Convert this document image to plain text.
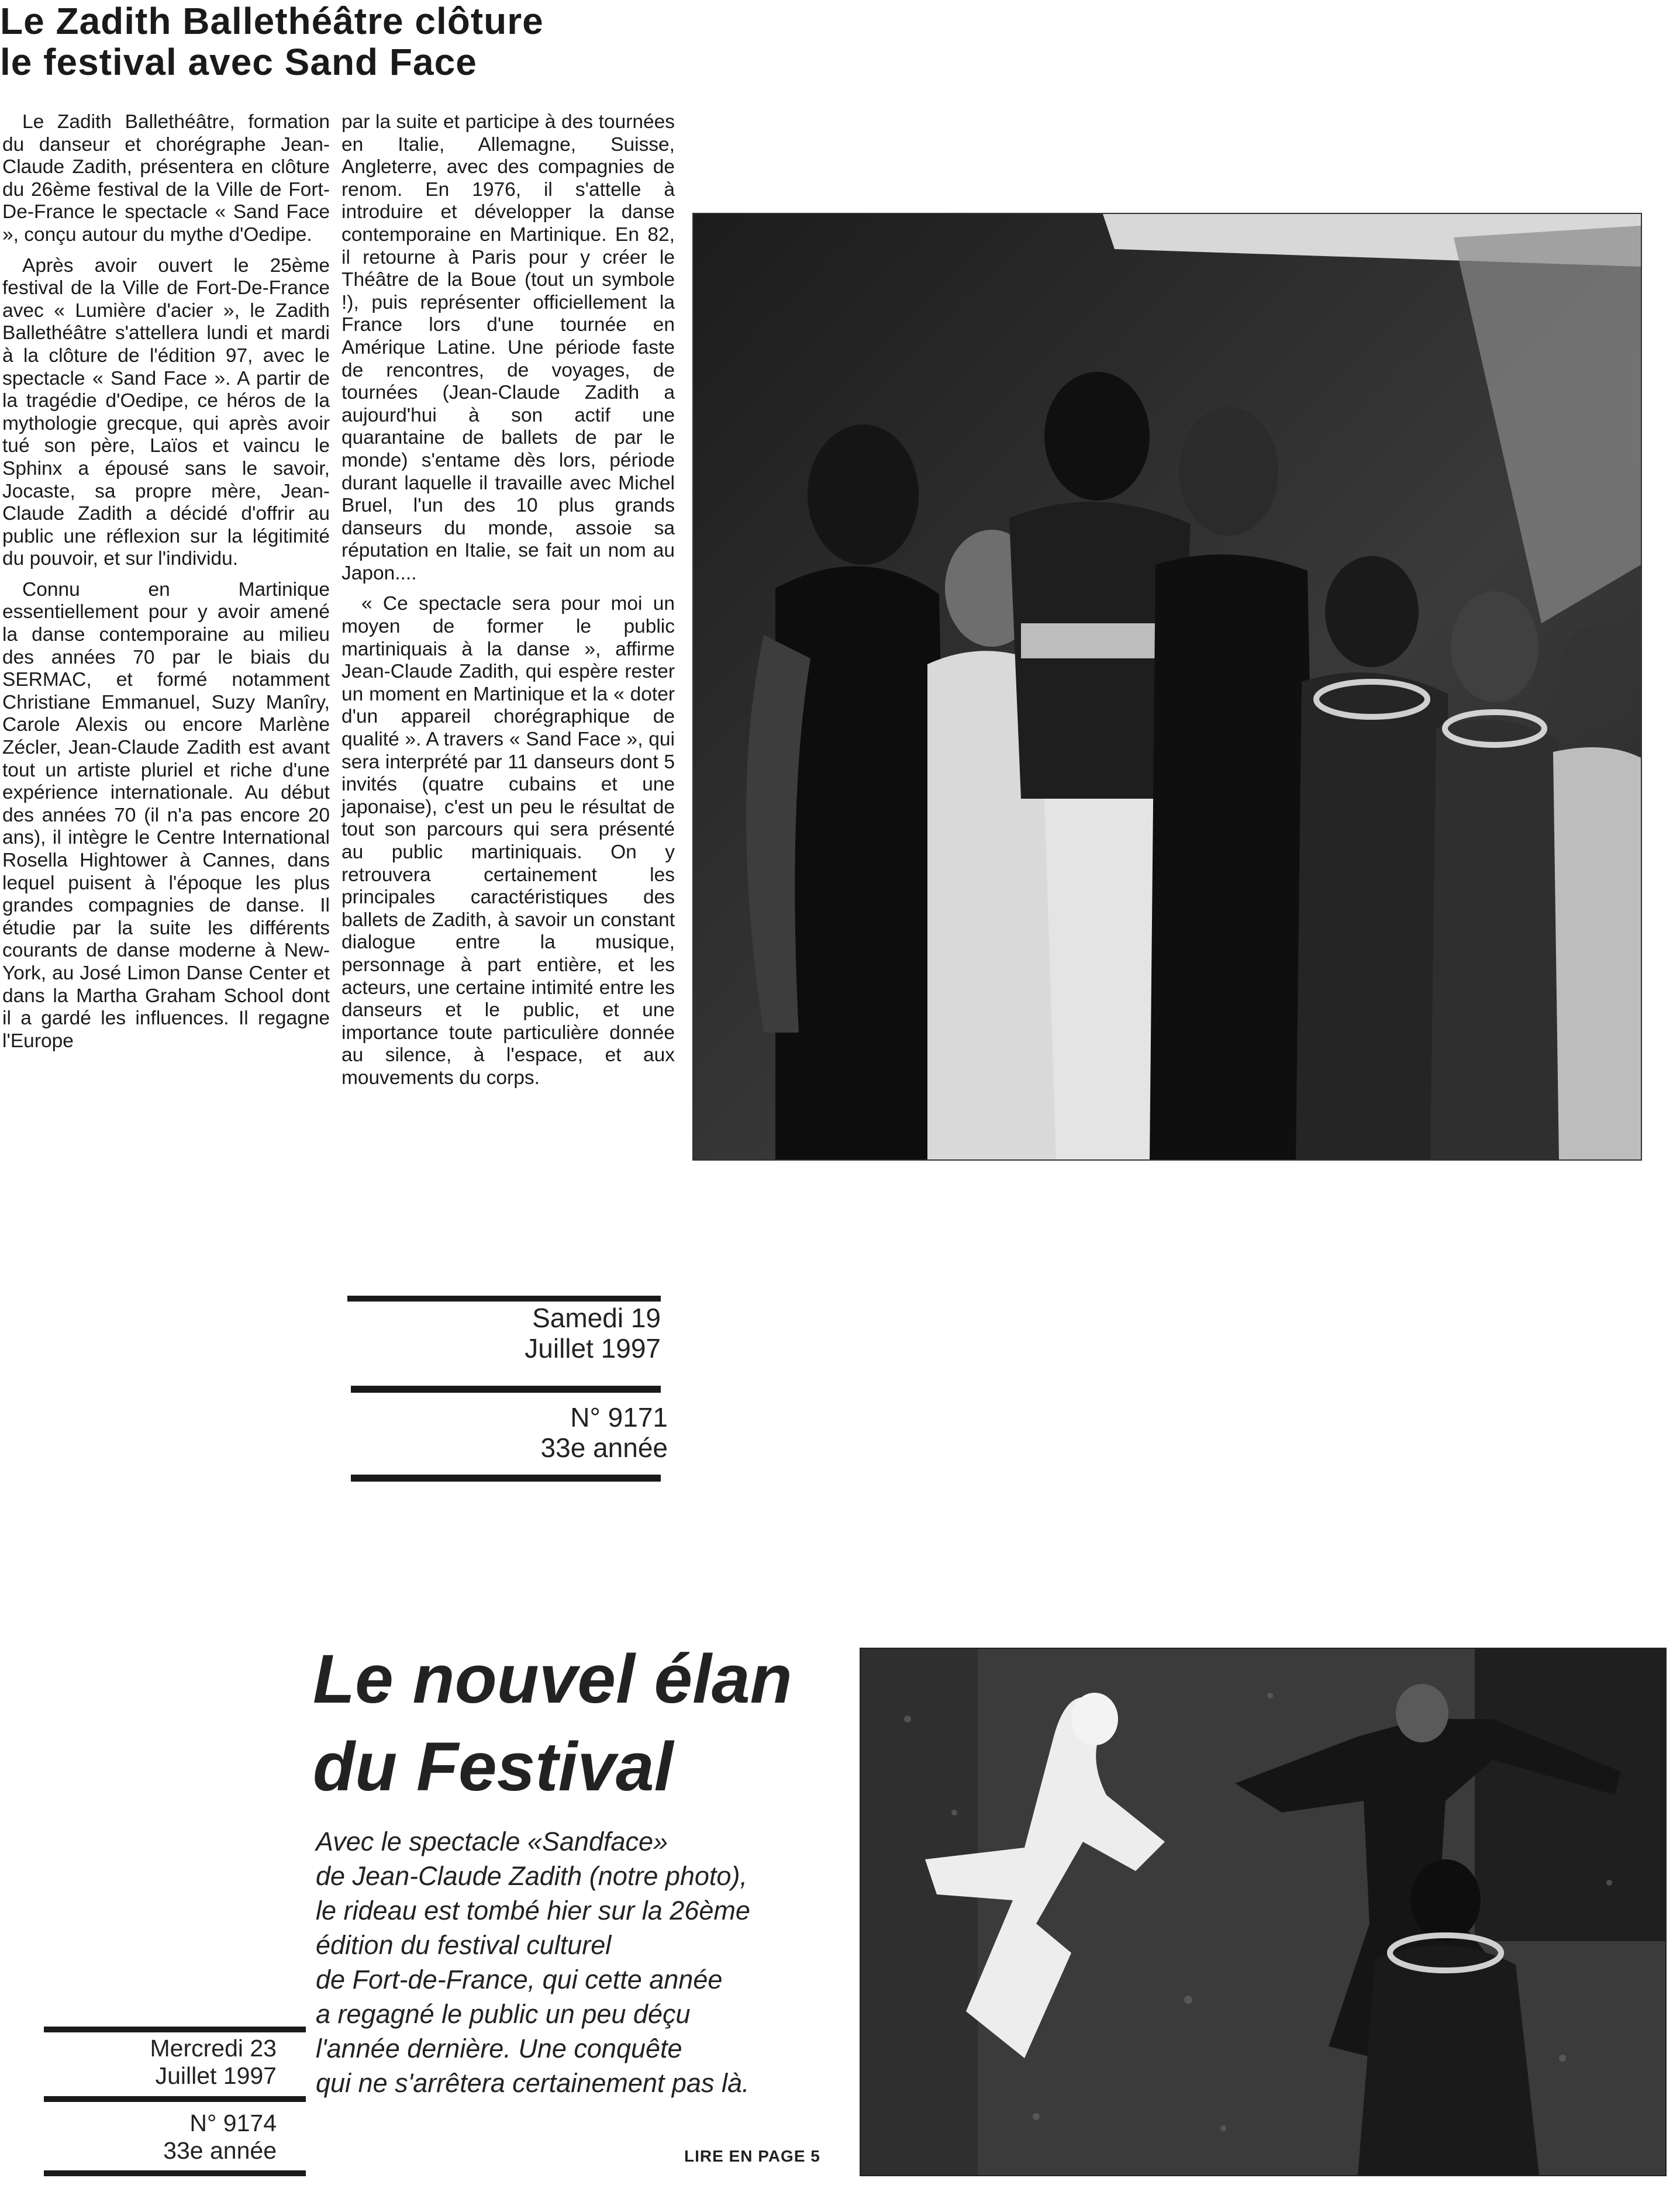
Le Zadith Ballethéâtre clôture
le festival avec Sand Face

Le Zadith Ballethéâtre, formation du danseur et chorégraphe Jean-Claude Zadith, présentera en clôture du 26ème festival de la Ville de Fort-De-France le spectacle « Sand Face », conçu autour du mythe d'Oedipe.

Après avoir ouvert le 25ème festival de la Ville de Fort-De-France avec « Lumière d'acier », le Zadith Ballethéâtre s'attellera lundi et mardi à la clôture de l'édition 97, avec le spectacle « Sand Face ». A partir de la tragédie d'Oedipe, ce héros de la mythologie grecque, qui après avoir tué son père, Laïos et vaincu le Sphinx a épousé sans le savoir, Jocaste, sa propre mère, Jean-Claude Zadith a décidé d'offrir au public une réflexion sur la légitimité du pouvoir, et sur l'individu.

Connu en Martinique essentiellement pour y avoir amené la danse contemporaine au milieu des années 70 par le biais du SERMAC, et formé notamment Christiane Emmanuel, Suzy Manîry, Carole Alexis ou encore Marlène Zécler, Jean-Claude Zadith est avant tout un artiste pluriel et riche d'une expérience internationale. Au début des années 70 (il n'a pas encore 20 ans), il intègre le Centre International Rosella Hightower à Cannes, dans lequel puisent à l'époque les plus grandes compagnies de danse. Il étudie par la suite les différents courants de danse moderne à New-York, au José Limon Danse Center et dans la Martha Graham School dont il a gardé les influences. Il regagne l'Europe

par la suite et participe à des tournées en Italie, Allemagne, Suisse, Angleterre, avec des compagnies de renom. En 1976, il s'attelle à introduire et développer la danse contemporaine en Martinique. En 82, il retourne à Paris pour y créer le Théâtre de la Boue (tout un symbole !), puis représenter officiellement la France lors d'une tournée en Amérique Latine. Une période faste de rencontres, de voyages, de tournées (Jean-Claude Zadith a aujourd'hui à son actif une quarantaine de ballets de par le monde) s'entame dès lors, période durant laquelle il travaille avec Michel Bruel, l'un des 10 plus grands danseurs du monde, assoie sa réputation en Italie, se fait un nom au Japon....

« Ce spectacle sera pour moi un moyen de former le public martiniquais à la danse », affirme Jean-Claude Zadith, qui espère rester un moment en Martinique et la « doter d'un appareil chorégraphique de qualité ». A travers « Sand Face », qui sera interprété par 11 danseurs dont 5 invités (quatre cubains et une japonaise), c'est un peu le résultat de tout son parcours qui sera présenté au public martiniquais. On y retrouvera certainement les principales caractéristiques des ballets de Zadith, à savoir un constant dialogue entre la musique, personnage à part entière, et les acteurs, une certaine intimité entre les danseurs et le public, et une importance toute particulière donnée au silence, à l'espace, et aux mouvements du corps.

Samedi 19
Juillet 1997
N° 9171
33e année
Le nouvel élan
du Festival
Avec le spectacle «Sandface»
de Jean-Claude Zadith (notre photo),
le rideau est tombé hier sur la 26ème
édition du festival culturel
de Fort-de-France, qui cette année
a regagné le public un peu déçu
l'année dernière. Une conquête
qui ne s'arrêtera certainement pas là.
Mercredi 23
Juillet 1997
N° 9174
33e année	LIRE EN PAGE 5
